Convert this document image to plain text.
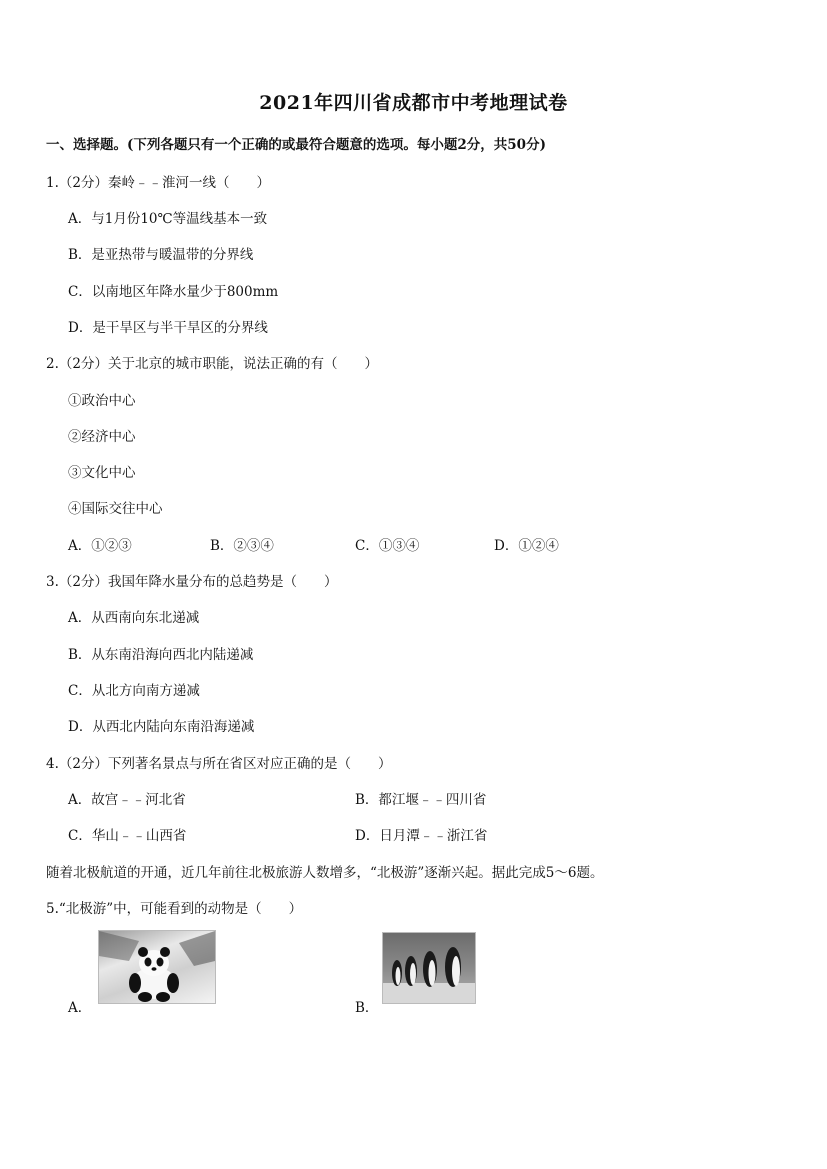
2021年四川省成都市中考地理试卷
一、选择题。(下列各题只有一个正确的或最符合题意的选项。每小题2分，共50分)
1.（2分）秦岭﹣﹣淮河一线（　　）
A．与1月份10℃等温线基本一致
B．是亚热带与暖温带的分界线
C．以南地区年降水量少于800mm
D．是干旱区与半干旱区的分界线
2.（2分）关于北京的城市职能，说法正确的有（　　）
①政治中心
②经济中心
③文化中心
④国际交往中心
A．①②③	B．②③④	C．①③④	D．①②④
3.（2分）我国年降水量分布的总趋势是（　　）
A．从西南向东北递减
B．从东南沿海向西北内陆递减
C．从北方向南方递减
D．从西北内陆向东南沿海递减
4.（2分）下列著名景点与所在省区对应正确的是（　　）
A．故宫﹣﹣河北省	B．都江堰﹣﹣四川省
C．华山﹣﹣山西省	D．日月潭﹣﹣浙江省
随着北极航道的开通，近几年前往北极旅游人数增多，“北极游”逐渐兴起。据此完成5～6题。
5.“北极游”中，可能看到的动物是（　　）
A．	B．
